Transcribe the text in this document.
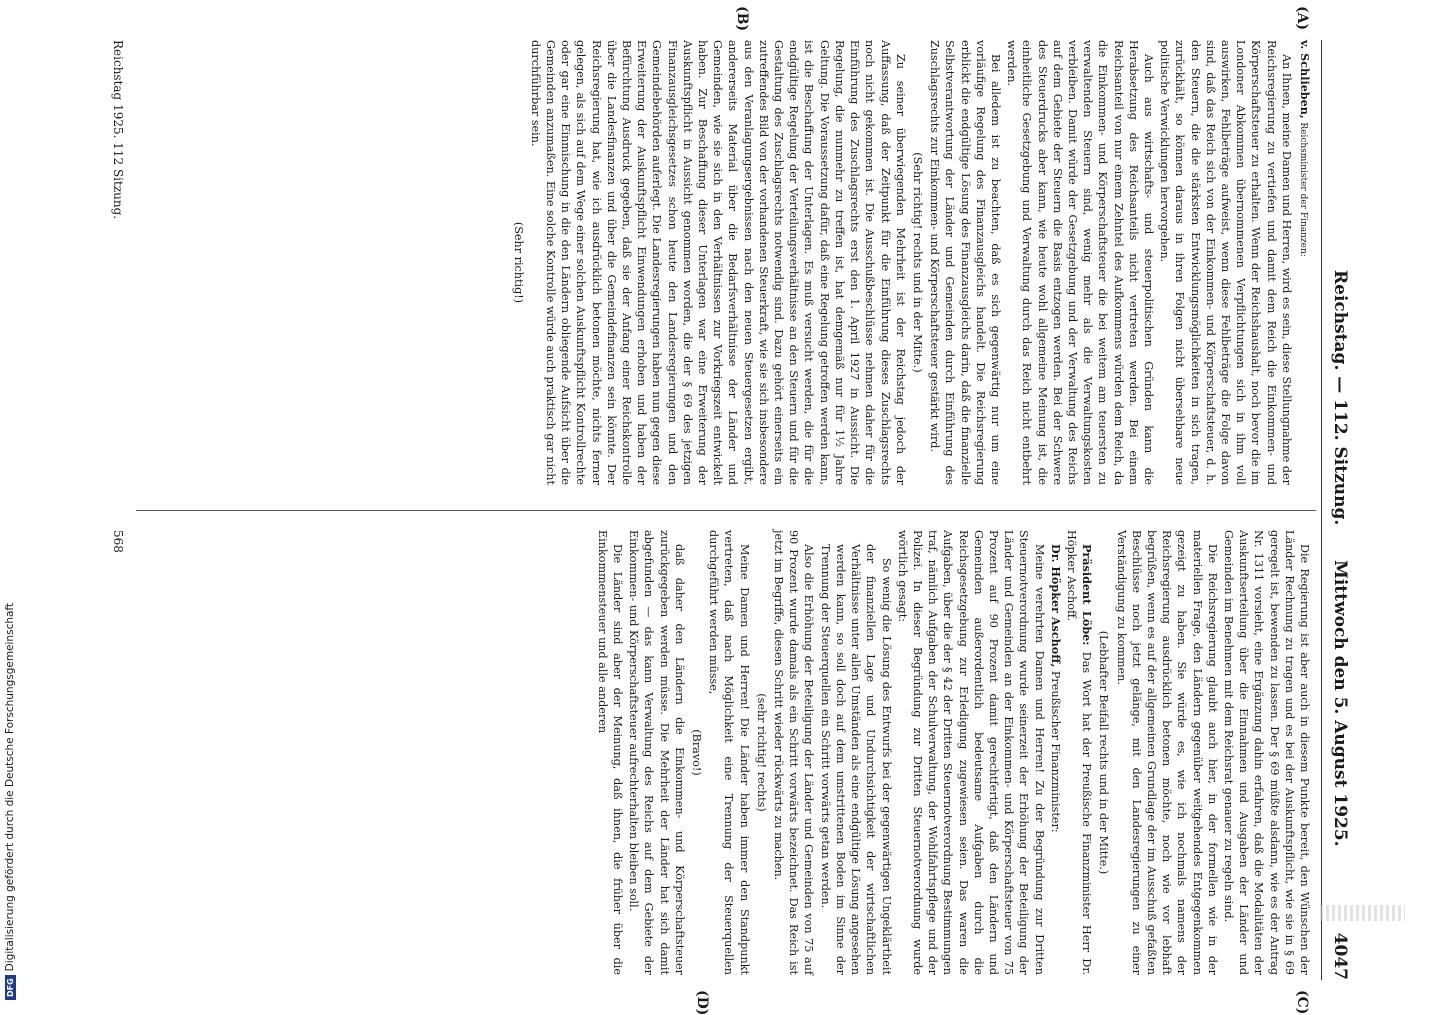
Reichstag. — 112. Sitzung.
Mittwoch den 5. August 1925.
4047
(A)
(B)
(C)
(D)

v. Schlieben, Reichsminister der Finanzen:

An Ihnen, meine Damen und Herren, wird es sein, diese Stellungnahme der Reichsregierung zu vertiefen und damit dem Reich die Einkommen- und Körperschaftsteuer zu erhalten. Wenn der Reichshaushalt, noch bevor die im Londoner Abkommen übernommenen Verpflichtungen sich in ihm voll auswirken, Fehlbeträge aufweist, wenn diese Fehlbeträge die Folge davon sind, daß das Reich sich von der Einkommen- und Körperschaftsteuer, d. h. den Steuern, die die stärksten Entwicklungsmöglichkeiten in sich tragen, zurückhält, so können daraus in ihren Folgen nicht übersehbare neue politische Verwicklungen hervorgehen.

Auch aus wirtschafts- und steuerpolitischen Gründen kann die Herabsetzung des Reichsanteils nicht vertreten werden. Bei einem Reichsanteil von nur einem Zehntel des Aufkommens würden dem Reich, da die Einkommen- und Körperschaftsteuer die bei weitem am teuersten zu verwaltenden Steuern sind, wenig mehr als die Verwaltungskosten verbleiben. Damit würde der Gesetzgebung und der Verwaltung des Reichs auf dem Gebiete der Steuern die Basis entzogen werden. Bei der Schwere des Steuerdrucks aber kann, wie heute wohl allgemeine Meinung ist, die einheitliche Gesetzgebung und Verwaltung durch das Reich nicht entbehrt werden.

Bei alledem ist zu beachten, daß es sich gegenwärtig nur um eine vorläufige Regelung des Finanzausgleichs handelt. Die Reichsregierung erblickt die endgültige Lösung des Finanzausgleichs darin, daß die finanzielle Selbstverantwortung der Länder und Gemeinden durch Einführung des Zuschlagsrechts zur Einkommen- und Körperschaftsteuer gestärkt wird.

(Sehr richtig! rechts und in der Mitte.)

Zu seiner überwiegenden Mehrheit ist der Reichstag jedoch der Auffassung, daß der Zeitpunkt für die Einführung dieses Zuschlagsrechts noch nicht gekommen ist. Die Ausschußbeschlüsse nehmen daher für die Einführung des Zuschlagsrechts erst den 1. April 1927 in Aussicht. Die Regelung, die nunmehr zu treffen ist, hat demgemäß nur für 1½ Jahre Geltung. Die Voraussetzung dafür, daß eine Regelung getroffen werden kann, ist die Beschaffung der Unterlagen. Es muß versucht werden, die für die endgültige Regelung der Verteilungsverhältnisse an den Steuern und für die Gestaltung des Zuschlagsrechts notwendig sind. Dazu gehört einerseits ein zutreffendes Bild von der vorhandenen Steuerkraft, wie sie sich insbesondere aus den Veranlagungsergebnissen nach den neuen Steuergesetzen ergibt, andererseits Material über die Bedarfsverhältnisse der Länder und Gemeinden, wie sie sich in den Verhältnissen zur Vorkriegszeit entwickelt haben. Zur Beschaffung dieser Unterlagen war eine Erweiterung der Auskunftspflicht in Aussicht genommen worden, die der § 69 des jetzigen Finanzausgleichsgesetzes schon heute den Landesregierungen und den Gemeindebehörden auferlegt. Die Landesregierungen haben nun gegen diese Erweiterung der Auskunftspflicht Einwendungen erhoben und haben der Befürchtung Ausdruck gegeben, daß sie der Anfang einer Reichskontrolle über die Landesfinanzen und über die Gemeindefinanzen sein könnte. Der Reichsregierung hat, wie ich ausdrücklich betonen möchte, nichts ferner gelegen, als sich auf dem Wege einer solchen Auskunftspflicht Kontrollrechte oder gar eine Einmischung in die den Ländern obliegende Aufsicht über die Gemeinden anzumaßen. Eine solche Kontrolle würde auch praktisch gar nicht durchführbar sein.

(Sehr richtig!)

Die Regierung ist aber auch in diesem Punkte bereit, den Wünschen der Länder Rechnung zu tragen und es bei der Auskunftspflicht, wie sie in § 69 geregelt ist, bewenden zu lassen. Der § 69 müßte alsdann, wie es der Antrag Nr. 1311 vorsieht, eine Ergänzung dahin erfahren, daß die Modalitäten der Auskunftserteilung über die Einnahmen und Ausgaben der Länder und Gemeinden im Benehmen mit dem Reichsrat genauer zu regeln sind.

Die Reichsregierung glaubt auch hier, in der formellen wie in der materiellen Frage, den Ländern gegenüber weitgehendes Entgegenkommen gezeigt zu haben. Sie würde es, wie ich nochmals namens der Reichsregierung ausdrücklich betonen möchte, noch wie vor lebhaft begrüßen, wenn es auf der allgemeinen Grundlage der im Ausschuß gefaßten Beschlüsse noch jetzt gelänge, mit den Landesregierungen zu einer Verständigung zu kommen.

(Lebhafter Beifall rechts und in der Mitte.)

Präsident Löbe: Das Wort hat der Preußische Finanzminister Herr Dr. Höpker Aschoff.

Dr. Höpker Aschoff, Preußischer Finanzminister:

Meine verehrten Damen und Herren! Zu der Begründung zur Dritten Steuernotverordnung wurde seinerzeit der Erhöhung der Beteiligung der Länder und Gemeinden an der Einkommen- und Körperschaftsteuer von 75 Prozent auf 90 Prozent damit gerechtfertigt, daß den Ländern und Gemeinden außerordentlich bedeutsame Aufgaben durch die Reichsgesetzgebung zur Erledigung zugewiesen seien. Das waren die Aufgaben, über die der § 42 der Dritten Steuernotverordnung Bestimmungen traf, nämlich Aufgaben der Schulverwaltung, der Wohlfahrtspflege und der Polizei. In dieser Begründung zur Dritten Steuernotverordnung wurde wörtlich gesagt:

So wenig die Lösung des Entwurfs bei der gegenwärtigen Ungeklärtheit der finanziellen Lage und Undurchsichtigkeit der wirtschaftlichen Verhältnisse unter allen Umständen als eine endgültige Lösung angesehen werden kann, so soll doch auf dem umstrittenen Boden im Sinne der Trennung der Steuerquellen ein Schritt vorwärts getan werden.

Also die Erhöhung der Beteiligung der Länder und Gemeinden von 75 auf 90 Prozent wurde damals als ein Schritt vorwärts bezeichnet. Das Reich ist jetzt im Begriffe, diesen Schritt wieder rückwärts zu machen.

(sehr richtig! rechts)

Meine Damen und Herren! Die Länder haben immer den Standpunkt vertreten, daß nach Möglichkeit eine Trennung der Steuerquellen durchgeführt werden müsse,

(Bravo!)

daß daher den Ländern die Einkommen- und Körperschaftsteuer zurückgegeben werden müsse. Die Mehrheit der Länder hat sich damit abgefunden — das kann Verwaltung des Reichs auf dem Gebiete der Einkommen- und Körperschaftsteuer aufrechterhalten bleiben soll.

Die Länder sind aber der Meinung, daß ihnen, die früher über die Einkommensteuer und alle anderen

Reichstag 1925. 112 Sitzung.
568
DFG
Digitalisierung gefördert durch die Deutsche Forschungsgemeinschaft
